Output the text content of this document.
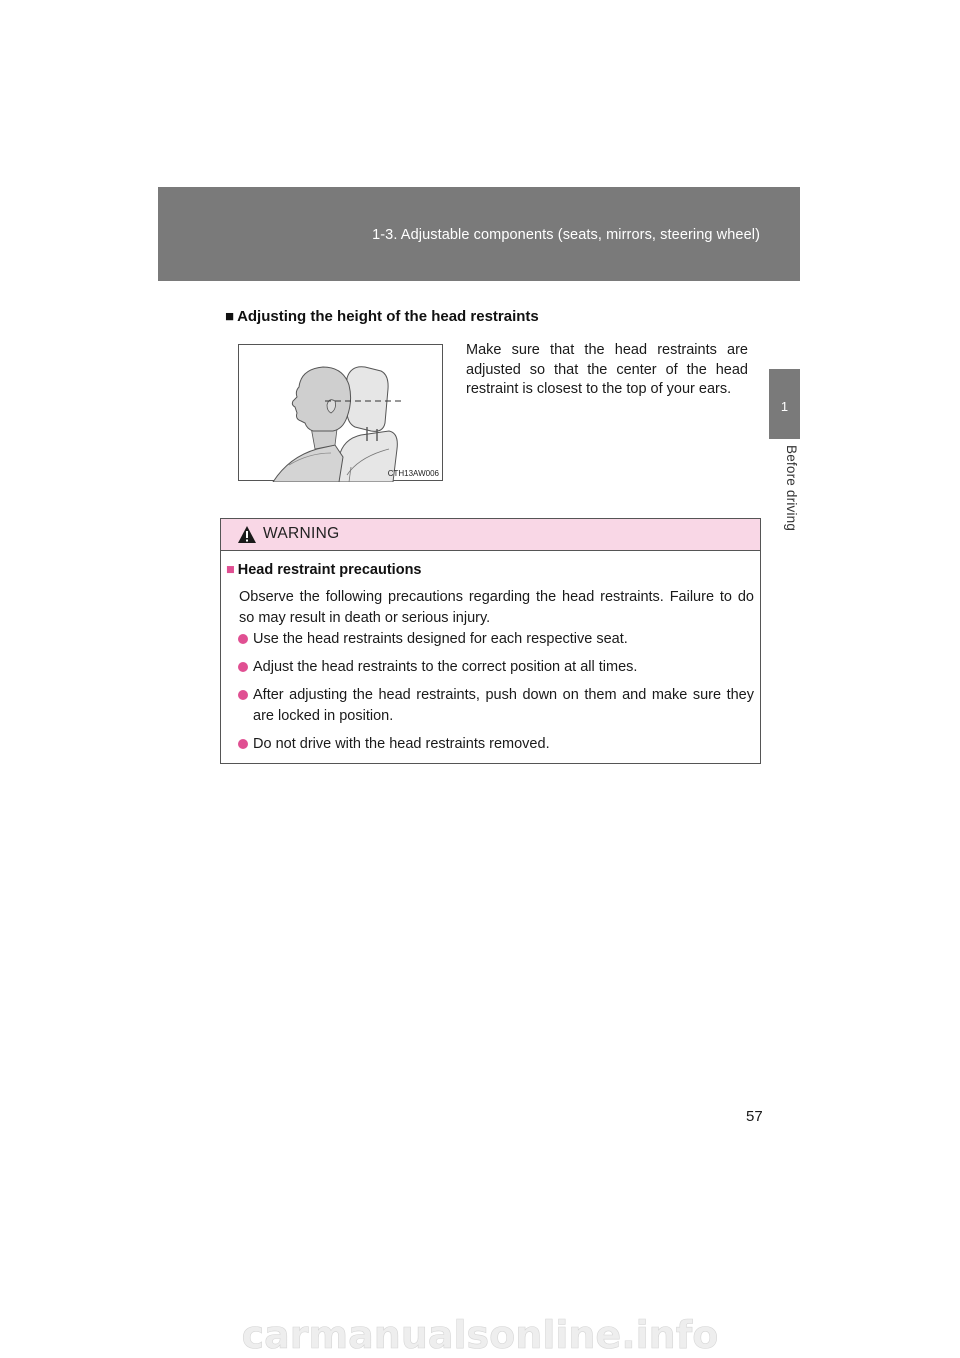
1-3. Adjustable components (seats, mirrors, steering wheel)
1
Before driving
■ Adjusting the height of the head restraints
CTH13AW006
Make sure that the head restraints are adjusted so that the center of the head restraint is closest to the top of your ears.
WARNING
■ Head restraint precautions
Observe the following precautions regarding the head restraints. Failure to do so may result in death or serious injury.
Use the head restraints designed for each respective seat.
Adjust the head restraints to the correct position at all times.
After adjusting the head restraints, push down on them and make sure they are locked in position.
Do not drive with the head restraints removed.
57
carmanualsonline.info
